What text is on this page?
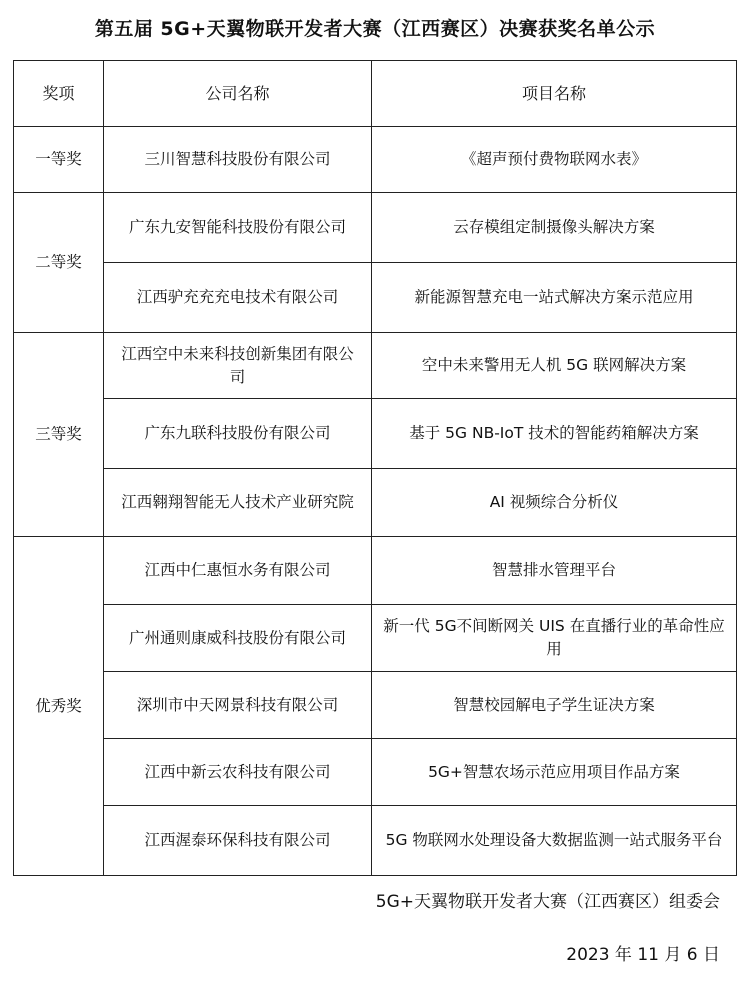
第五届 5G+天翼物联开发者大赛（江西赛区）决赛获奖名单公示
奖项	公司名称	项目名称
一等奖	三川智慧科技股份有限公司	《超声预付费物联网水表》
二等奖	广东九安智能科技股份有限公司	云存模组定制摄像头解决方案
	江西驴充充充电技术有限公司	新能源智慧充电一站式解决方案示范应用
三等奖	江西空中未来科技创新集团有限公司	空中未来警用无人机 5G 联网解决方案
	广东九联科技股份有限公司	基于 5G NB-IoT 技术的智能药箱解决方案
	江西翱翔智能无人技术产业研究院	AI 视频综合分析仪
优秀奖	江西中仁惠恒水务有限公司	智慧排水管理平台
	广州通则康威科技股份有限公司	新一代 5G不间断网关 UIS 在直播行业的革命性应用
	深圳市中天网景科技有限公司	智慧校园解电子学生证决方案
	江西中新云农科技有限公司	5G+智慧农场示范应用项目作品方案
	江西渥泰环保科技有限公司	5G 物联网水处理设备大数据监测一站式服务平台
5G+天翼物联开发者大赛（江西赛区）组委会
2023 年 11 月 6 日
